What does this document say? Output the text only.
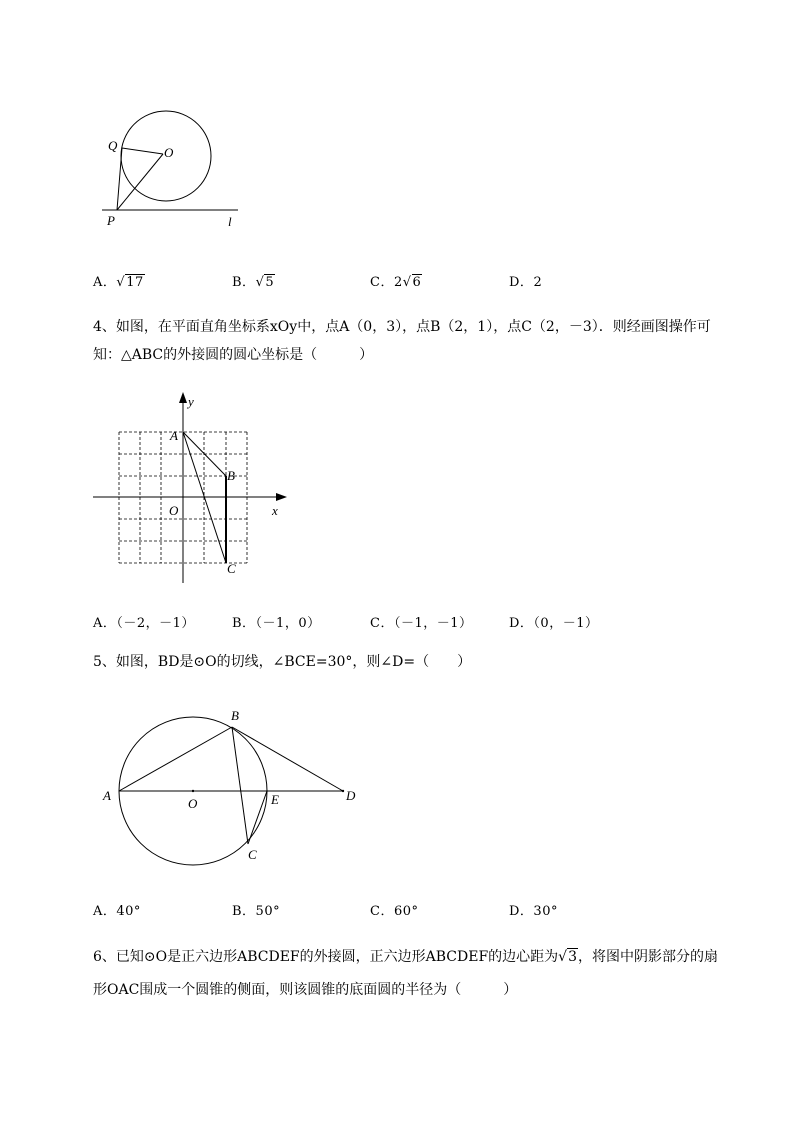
Q	O
P	l
A．√17	B．√5	C．2√6	D．2
4、如图，在平面直角坐标系xOy中，点A（0，3），点B（2，1），点C（2，－3）．则经画图操作可
知：△ABC的外接圆的圆心坐标是（　　　）
y
x
A
B
C
O
A．（－2，－1）	B．（－1，0）	C．（－1，－1）	D．（0，－1）
5、如图，BD是⊙O的切线，∠BCE=30°，则∠D=（　　）
A
B
O	E	D
C
A．40°	B．50°	C．60°	D．30°
6、已知⊙O是正六边形ABCDEF的外接圆，正六边形ABCDEF的边心距为√3，将图中阴影部分的扇
形OAC围成一个圆锥的侧面，则该圆锥的底面圆的半径为（　　　）
